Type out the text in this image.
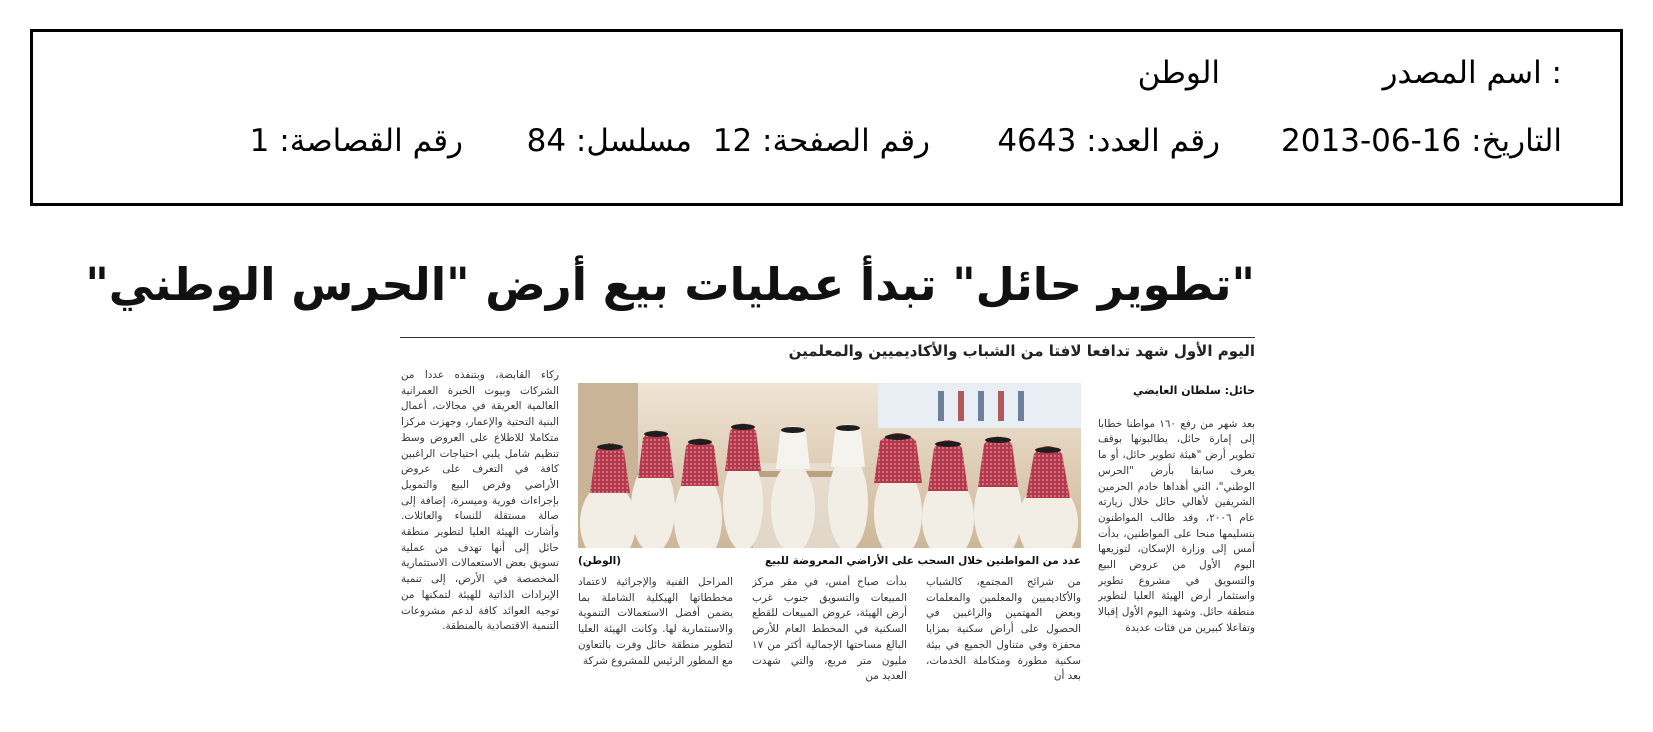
اسم المصدر :
الوطن
التاريخ: 16-06-2013
رقم العدد: 4643
رقم الصفحة: 12
مسلسل: 84
رقم القصاصة: 1
"تطوير حائل" تبدأ عمليات بيع أرض "الحرس الوطني"
اليوم الأول شهد تدافعا لافتا من الشباب والأكاديميين والمعلمين

حائل: سلطان العايضي

بعد شهر من رفع ١٦٠ مواطنا خطابا إلى إمارة حائل، يطالبونها بوقف تطوير أرض "هيئة تطوير حائل، أو ما يعرف سابقا بأرض "الحرس الوطني"، التي أهداها خادم الحرمين الشريفين لأهالي حائل خلال زيارته عام ٢٠٠٦، وقد طالب المواطنون بتسليمها منحا على المواطنين، بدأت أمس إلى وزارة الإسكان، لتوزيعها اليوم الأول من عروض البيع والتسويق في مشروع تطوير واستثمار أرض الهيئة العليا لتطوير منطقة حائل. وشهد اليوم الأول إقبالا وتفاعلا كبيرين من فئات عديدة

عدد من المواطنين خلال السحب على الأراضي المعروضة للبيع
(الوطن)
من شرائح المجتمع، كالشباب والأكاديميين والمعلمين والمعلمات وبعض المهتمين والراغبين في الحصول على أراض سكنية بمزايا محفزة وفي متناول الجميع في بيئة سكنية مطورة ومتكاملة الخدمات، بعد أن
بدأت صباح أمس، في مقر مركز المبيعات والتسويق جنوب غرب أرض الهيئة، عروض المبيعات للقطع السكنية في المخطط العام للأرض البالغ مساحتها الإجمالية أكثر من ١٧ مليون متر مربع، والتي شهدت العديد من
المراحل الفنية والإجرائية لاعتماد مخططاتها الهيكلية الشاملة بما يضمن أفضل الاستعمالات التنموية والاستثمارية لها. وكانت الهيئة العليا لتطوير منطقة حائل وفرت بالتعاون مع المطور الرئيس للمشروع شركة
ركاء القابضة، وبتنفذه عددا من الشركات وبيوت الخبرة العمرانية العالمية العريقة في مجالات، أعمال البنية التحتية والإعمار، وجهزت مركزا متكاملا للاطلاع على العروض وسط تنظيم شامل يلبي احتياجات الراغبين كافة في التعرف على عروض الأراضي وفرص البيع والتمويل بإجراءات فورية وميسرة، إضافة إلى صالة مستقلة للنساء والعائلات. وأشارت الهيئة العليا لتطوير منطقة حائل إلى أنها تهدف من عملية تسويق بعض الاستعمالات الاستثمارية المخصصة في الأرض، إلى تنمية الإيرادات الذاتية للهيئة لتمكنها من توجيه العوائد كافة لدعم مشروعات التنمية الاقتصادية بالمنطقة.
